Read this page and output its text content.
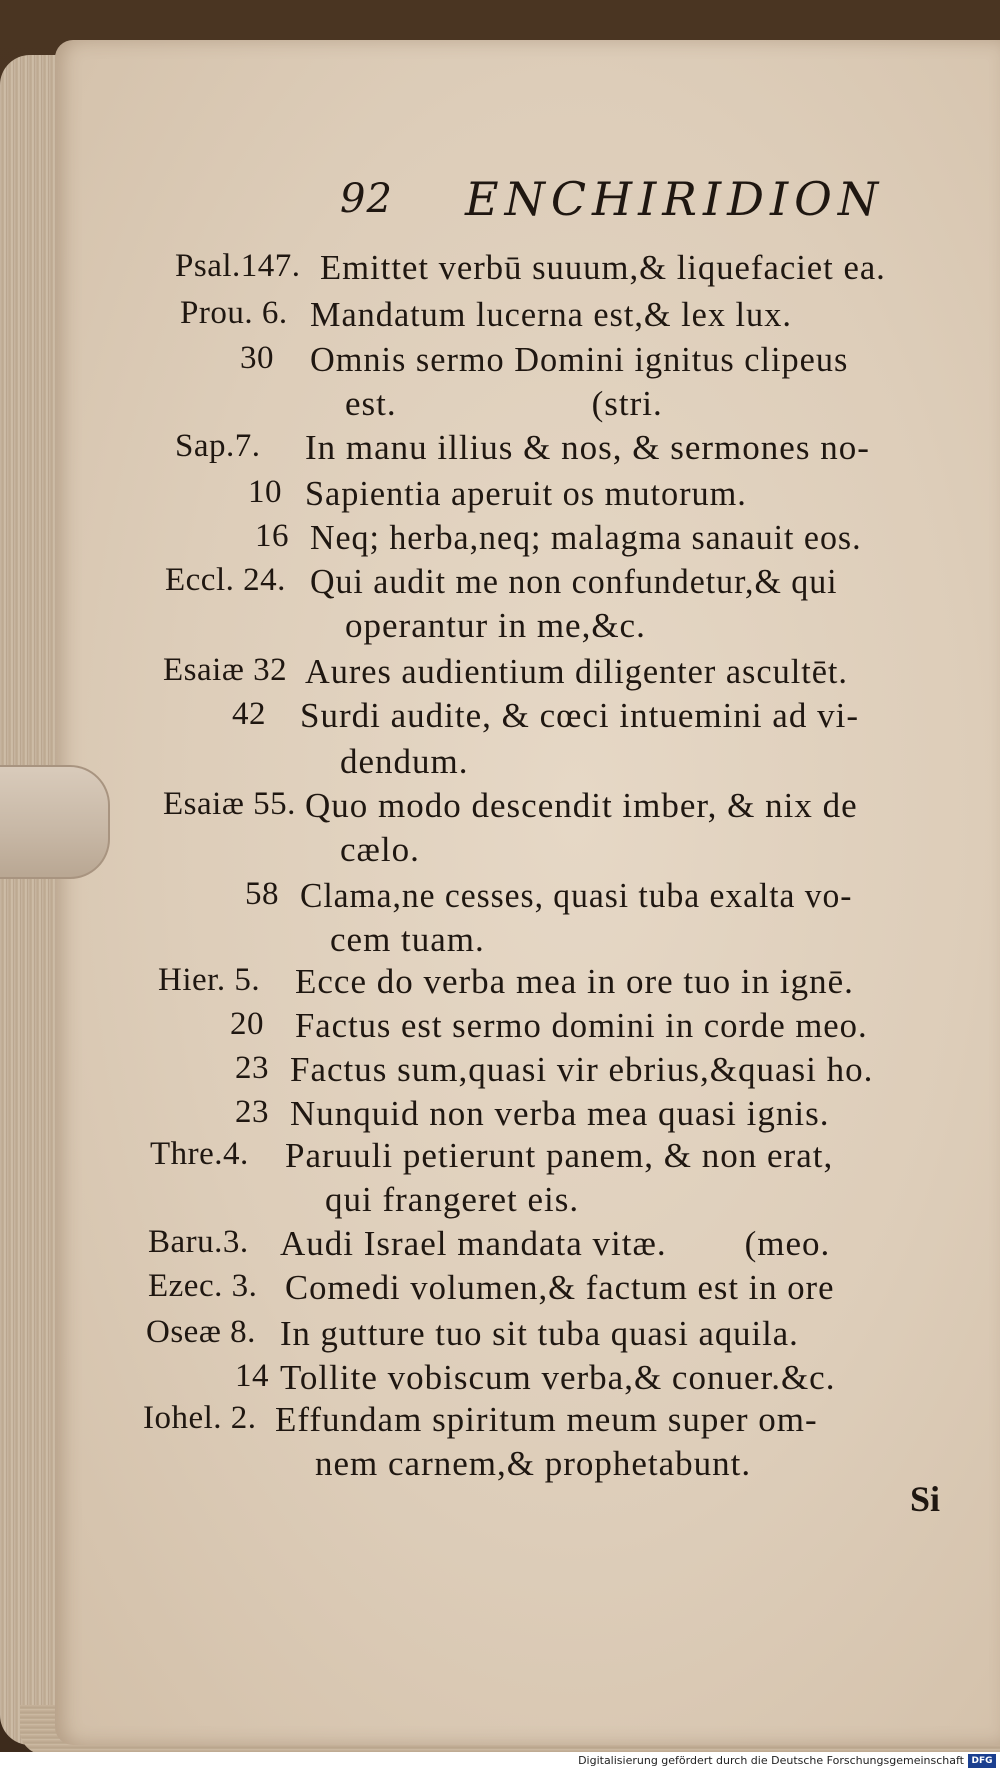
92 ENCHIRIDION
Psal.147. Emittet verbū suuum,& liquefaciet ea.
Prou. 6. Mandatum lucerna est,& lex lux.
30 Omnis sermo Domini ignitus clipeus
est.                    (stri.
Sap.7. In manu illius & nos, & sermones no-
10 Sapientia aperuit os mutorum.
16 Neq; herba,neq; malagma sanauit eos.
Eccl. 24. Qui audit me non confundetur,& qui
operantur in me,&c.
Esaiæ 32 Aures audientium diligenter ascultēt.
42 Surdi audite, & cœci intuemini ad vi-
dendum.
Esaiæ 55. Quo modo descendit imber, & nix de
cælo.
58 Clama,ne cesses, quasi tuba exalta vo-
cem tuam.
Hier. 5. Ecce do verba mea in ore tuo in ignē.
20 Factus est sermo domini in corde meo.
23 Factus sum,quasi vir ebrius,&quasi ho.
23 Nunquid non verba mea quasi ignis.
Thre.4. Paruuli petierunt panem, & non erat,
qui frangeret eis.
Baru.3. Audi Israel mandata vitæ.        (meo.
Ezec. 3. Comedi volumen,& factum est in ore
Oseæ 8. In gutture tuo sit tuba quasi aquila.
14 Tollite vobiscum verba,& conuer.&c.
Iohel. 2. Effundam spiritum meum super om-
nem carnem,& prophetabunt.
Si
Digitalisierung gefördert durch die Deutsche Forschungsgemeinschaft DFG
